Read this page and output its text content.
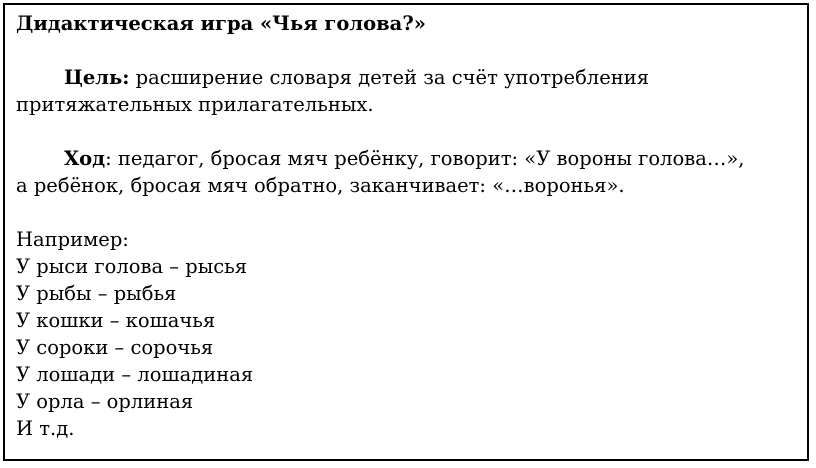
Дидактическая игра «Чья голова?»
Цель: расширение словаря детей за счёт употребления
притяжательных прилагательных.
Ход: педагог, бросая мяч ребёнку, говорит: «У вороны голова…»,
а ребёнок, бросая мяч обратно, заканчивает: «…воронья».
Например:
У рыси голова – рысья
У рыбы – рыбья
У кошки – кошачья
У сороки – сорочья
У лошади – лошадиная
У орла – орлиная
И т.д.
